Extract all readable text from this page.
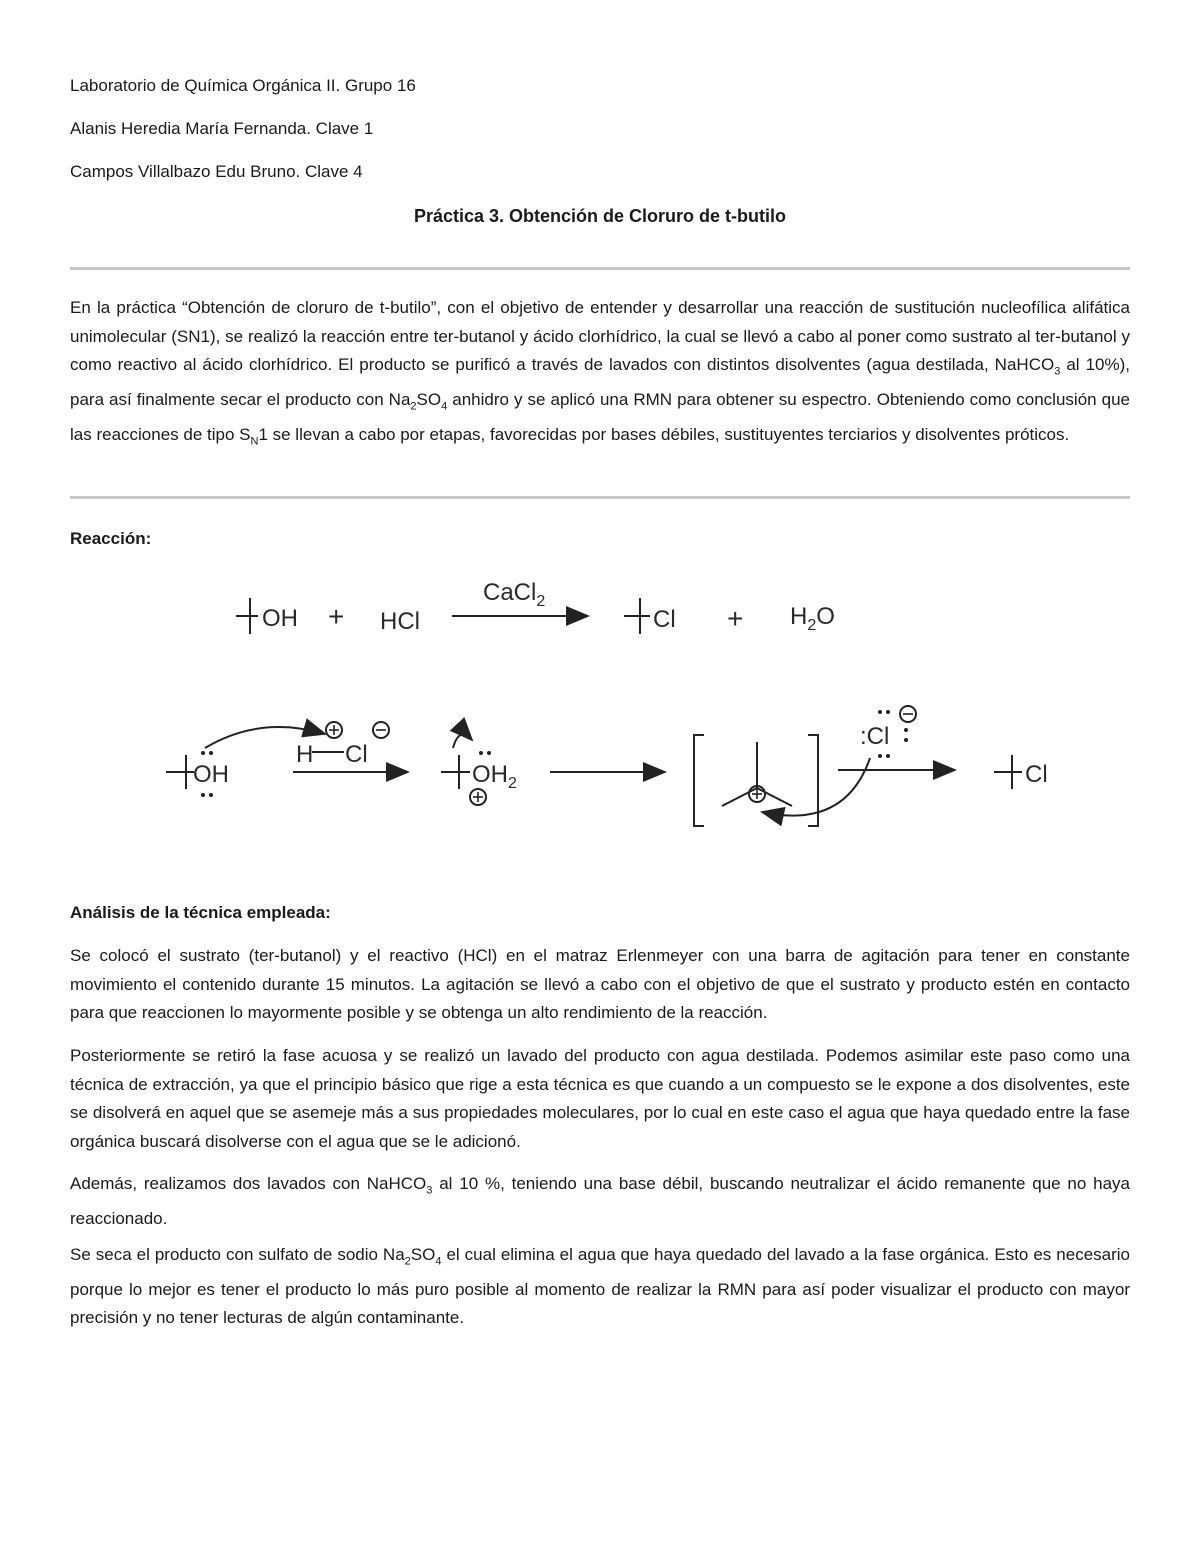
Laboratorio de Química Orgánica II. Grupo 16
Alanis Heredia María Fernanda. Clave 1
Campos Villalbazo Edu Bruno. Clave 4
Práctica 3. Obtención de Cloruro de t-butilo

En la práctica “Obtención de cloruro de t-butilo”, con el objetivo de entender y desarrollar una reacción de sustitución nucleofílica alifática unimolecular (SN1), se realizó la reacción entre ter-butanol y ácido clorhídrico, la cual se llevó a cabo al poner como sustrato al ter-butanol y como reactivo al ácido clorhídrico. El producto se purificó a través de lavados con distintos disolventes (agua destilada, NaHCO$_3$ al 10%), para así finalmente secar el producto con $Na_2SO_4$ anhidro y se aplicó una RMN para obtener su espectro. Obteniendo como conclusión que las reacciones de tipo $S_N1$ se llevan a cabo por etapas, favorecidas por bases débiles, sustituyentes terciarios y disolventes próticos.

Reacción:
OH + HCl
CaCl$_2$
$Cl + H_2O$
OH
H Cl
$OH_2$
:Cl
Cl
Análisis de la técnica empleada:

Se colocó el sustrato (ter-butanol) y el reactivo (HCl) en el matraz Erlenmeyer con una barra de agitación para tener en constante movimiento el contenido durante 15 minutos. La agitación se llevó a cabo con el objetivo de que el sustrato y producto estén en contacto para que reaccionen lo mayormente posible y se obtenga un alto rendimiento de la reacción.

Posteriormente se retiró la fase acuosa y se realizó un lavado del producto con agua destilada. Podemos asimilar este paso como una técnica de extracción, ya que el principio básico que rige a esta técnica es que cuando a un compuesto se le expone a dos disolventes, este se disolverá en aquel que se asemeje más a sus propiedades moleculares, por lo cual en este caso el agua que haya quedado entre la fase orgánica buscará disolverse con el agua que se le adicionó.

Además, realizamos dos lavados con NaHCO$_3$ al 10 %, teniendo una base débil, buscando neutralizar el ácido remanente que no haya reaccionado.

Se seca el producto con sulfato de sodio $Na_2SO_4$ el cual elimina el agua que haya quedado del lavado a la fase orgánica. Esto es necesario porque lo mejor es tener el producto lo más puro posible al momento de realizar la RMN para así poder visualizar el producto con mayor precisión y no tener lecturas de algún contaminante.
